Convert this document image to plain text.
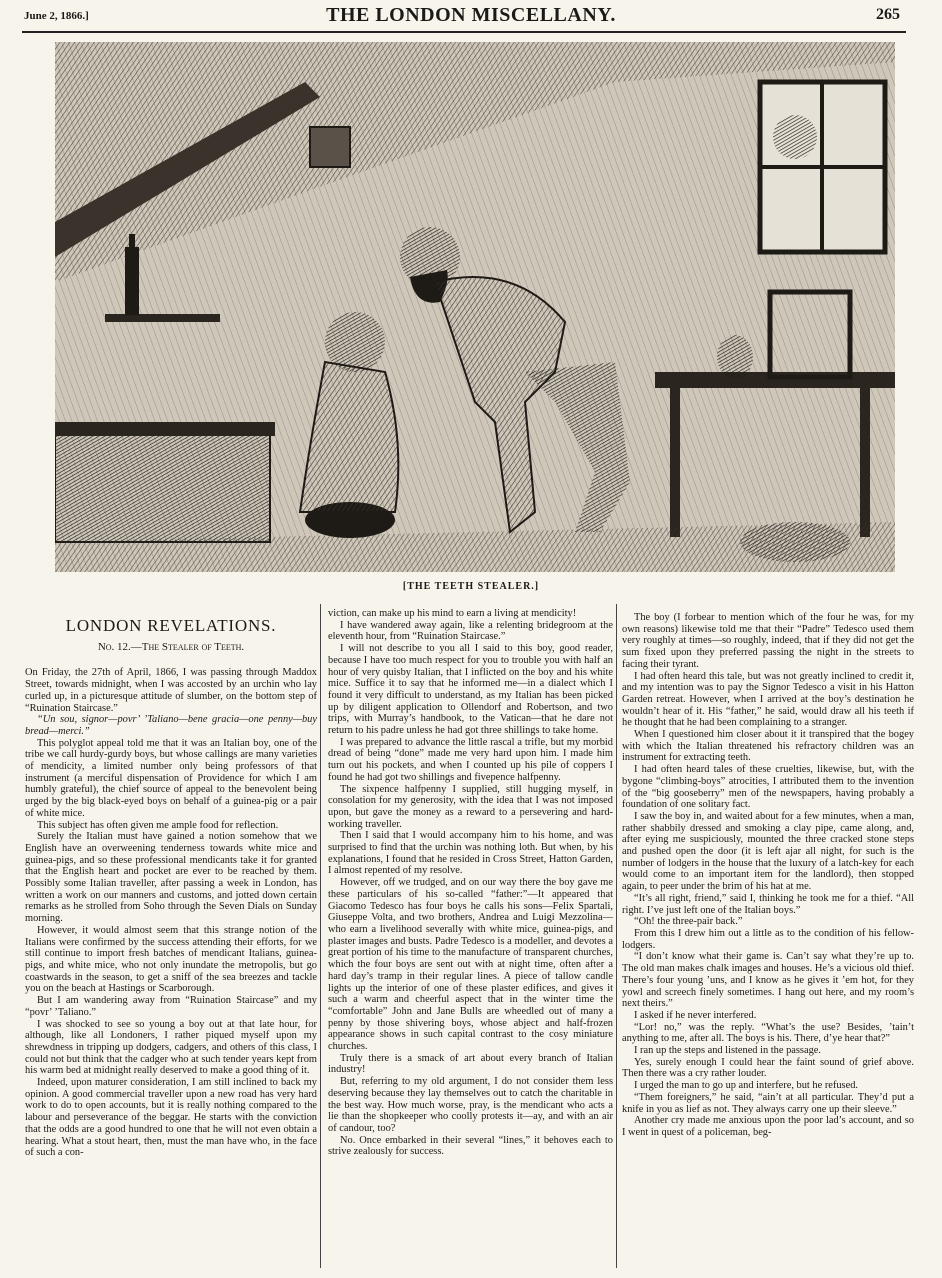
June 2, 1866.]	THE LONDON MISCELLANY.	265
[THE TEETH STEALER.]
LONDON REVELATIONS.
No. 12.—The Stealer of Teeth.

On Friday, the 27th of April, 1866, I was passing through Maddox Street, towards midnight, when I was accosted by an urchin who lay curled up, in a picturesque attitude of slumber, on the bottom step of “Ruination Staircase.”

“Un sou, signor—povr’ ’Taliano—bene gracia—one penny—buy bread—merci.”

This polyglot appeal told me that it was an Italian boy, one of the tribe we call hurdy-gurdy boys, but whose callings are many varieties of mendicity, a limited number only being professors of that instrument (a merciful dispensation of Providence for which I am humbly grateful), the chief source of appeal to the benevolent being urged by the big black-eyed boys on behalf of a guinea-pig or a pair of white mice.

This subject has often given me ample food for reflection.

Surely the Italian must have gained a notion somehow that we English have an overweening tenderness towards white mice and guinea-pigs, and so these professional mendicants take it for granted that the English heart and pocket are ever to be reached by them. Possibly some Italian traveller, after passing a week in London, has written a work on our manners and customs, and jotted down certain remarks as he strolled from Soho through the Seven Dials on Sunday morning.

However, it would almost seem that this strange notion of the Italians were confirmed by the success attending their efforts, for we still continue to import fresh batches of mendicant Italians, guinea-pigs, and white mice, who not only inundate the metropolis, but go coastwards in the season, to get a sniff of the sea breezes and tackle you on the beach at Hastings or Scarborough.

But I am wandering away from “Ruination Staircase” and my “povr’ ’Taliano.”

I was shocked to see so young a boy out at that late hour, for although, like all Londoners, I rather piqued myself upon my shrewdness in tripping up dodgers, cadgers, and others of this class, I could not but think that the cadger who at such tender years kept from his warm bed at midnight really deserved to make a good thing of it.

Indeed, upon maturer consideration, I am still inclined to back my opinion. A good commercial traveller upon a new road has very hard work to do to open accounts, but it is really nothing compared to the labour and perseverance of the beggar. He starts with the conviction that the odds are a good hundred to one that he will not even obtain a hearing. What a stout heart, then, must the man have who, in the face of such a con-

viction, can make up his mind to earn a living at mendicity!

I have wandered away again, like a relenting bridegroom at the eleventh hour, from “Ruination Staircase.”

I will not describe to you all I said to this boy, good reader, because I have too much respect for you to trouble you with half an hour of very quisby Italian, that I inflicted on the boy and his white mice. Suffice it to say that he informed me—in a dialect which I found it very difficult to understand, as my Italian has been picked up by diligent application to Ollendorf and Robertson, and two trips, with Murray’s handbook, to the Vatican—that he dare not return to his padre unless he had got three shillings to take home.

I was prepared to advance the little rascal a trifle, but my morbid dread of being “done” made me very hard upon him. I made him turn out his pockets, and when I counted up his pile of coppers I found he had got two shillings and fivepence halfpenny.

The sixpence halfpenny I supplied, still hugging myself, in consolation for my generosity, with the idea that I was not imposed upon, but gave the money as a reward to a persevering and hard-working traveller.

Then I said that I would accompany him to his home, and was surprised to find that the urchin was nothing loth. But when, by his explanations, I found that he resided in Cross Street, Hatton Garden, I almost repented of my resolve.

However, off we trudged, and on our way there the boy gave me these particulars of his so-called “father:”—It appeared that Giacomo Tedesco has four boys he calls his sons—Felix Spartali, Giuseppe Volta, and two brothers, Andrea and Luigi Mezzolina—who earn a livelihood severally with white mice, guinea-pigs, and plaster images and busts. Padre Tedesco is a modeller, and devotes a great portion of his time to the manufacture of transparent churches, which the four boys are sent out with at night time, often after a hard day’s tramp in their regular lines. A piece of tallow candle lights up the interior of one of these plaster edifices, and gives it such a warm and cheerful aspect that in the winter time the “comfortable” John and Jane Bulls are wheedled out of many a penny by those shivering boys, whose abject and half-frozen appearance shows in such capital contrast to the cosy miniature churches.

Truly there is a smack of art about every branch of Italian industry!

But, referring to my old argument, I do not consider them less deserving because they lay themselves out to catch the charitable in the best way. How much worse, pray, is the mendicant who acts a lie than the shopkeeper who coolly protests it—ay, and with an air of candour, too?

No. Once embarked in their several “lines,” it behoves each to strive zealously for success.

The boy (I forbear to mention which of the four he was, for my own reasons) likewise told me that their “Padre” Tedesco used them very roughly at times—so roughly, indeed, that if they did not get the sum fixed upon they preferred passing the night in the streets to facing their tyrant.

I had often heard this tale, but was not greatly inclined to credit it, and my intention was to pay the Signor Tedesco a visit in his Hatton Garden retreat. However, when I arrived at the boy’s destination he wouldn’t hear of it. His “father,” he said, would draw all his teeth if he thought that he had been complaining to a stranger.

When I questioned him closer about it it transpired that the bogey with which the Italian threatened his refractory children was an instrument for extracting teeth.

I had often heard tales of these cruelties, likewise, but, with the bygone “climbing-boys” atrocities, I attributed them to the invention of the “big gooseberry” men of the newspapers, having probably a foundation of one solitary fact.

I saw the boy in, and waited about for a few minutes, when a man, rather shabbily dressed and smoking a clay pipe, came along, and, after eying me suspiciously, mounted the three cracked stone steps and pushed open the door (it is left ajar all night, for such is the number of lodgers in the house that the luxury of a latch-key for each would come to an important item for the landlord), then stopped again, to peer under the brim of his hat at me.

“It’s all right, friend,” said I, thinking he took me for a thief. “All right. I’ve just left one of the Italian boys.”

“Oh! the three-pair back.”

From this I drew him out a little as to the condition of his fellow-lodgers.

“I don’t know what their game is. Can’t say what they’re up to. The old man makes chalk images and houses. He’s a vicious old thief. There’s four young ’uns, and I know as he gives it ’em hot, for they yowl and screech finely sometimes. I hang out here, and my room’s next theirs.”

I asked if he never interfered.

“Lor! no,” was the reply. “What’s the use? Besides, ’tain’t anything to me, after all. The boys is his. There, d’ye hear that?”

I ran up the steps and listened in the passage.

Yes, surely enough I could hear the faint sound of grief above. Then there was a cry rather louder.

I urged the man to go up and interfere, but he refused.

“Them foreigners,” he said, “ain’t at all particular. They’d put a knife in you as lief as not. They always carry one up their sleeve.”

Another cry made me anxious upon the poor lad’s account, and so I went in quest of a policeman, beg-
